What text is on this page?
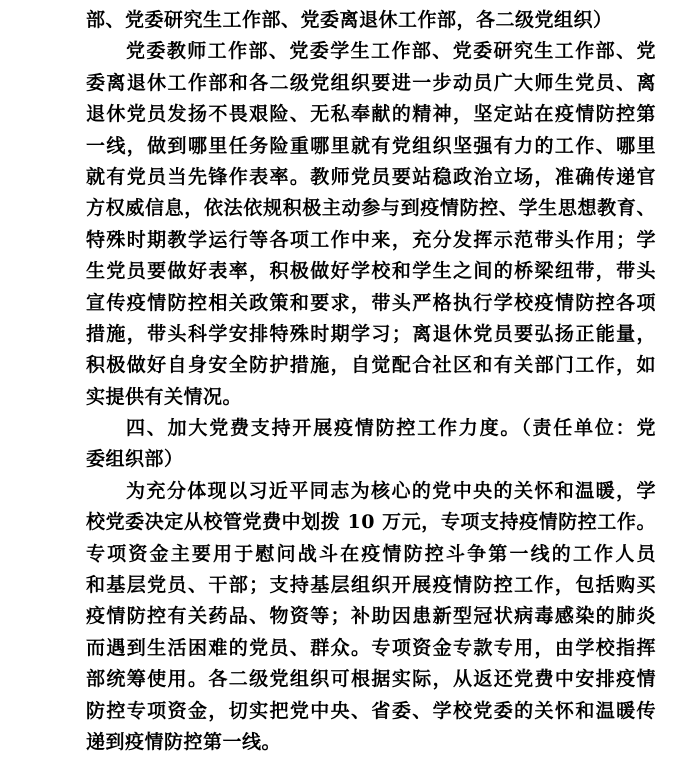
部、党委研究生工作部、党委离退休工作部，各二级党组织）
党委教师工作部、党委学生工作部、党委研究生工作部、党
委离退休工作部和各二级党组织要进一步动员广大师生党员、离
退休党员发扬不畏艰险、无私奉献的精神，坚定站在疫情防控第
一线，做到哪里任务险重哪里就有党组织坚强有力的工作、哪里
就有党员当先锋作表率。教师党员要站稳政治立场，准确传递官
方权威信息，依法依规积极主动参与到疫情防控、学生思想教育、
特殊时期教学运行等各项工作中来，充分发挥示范带头作用；学
生党员要做好表率，积极做好学校和学生之间的桥梁纽带，带头
宣传疫情防控相关政策和要求，带头严格执行学校疫情防控各项
措施，带头科学安排特殊时期学习；离退休党员要弘扬正能量，
积极做好自身安全防护措施，自觉配合社区和有关部门工作，如
实提供有关情况。
四、加大党费支持开展疫情防控工作力度。（责任单位：党
委组织部）
为充分体现以习近平同志为核心的党中央的关怀和温暖，学
校党委决定从校管党费中划拨 10 万元，专项支持疫情防控工作。
专项资金主要用于慰问战斗在疫情防控斗争第一线的工作人员
和基层党员、干部；支持基层组织开展疫情防控工作，包括购买
疫情防控有关药品、物资等；补助因患新型冠状病毒感染的肺炎
而遇到生活困难的党员、群众。专项资金专款专用，由学校指挥
部统筹使用。各二级党组织可根据实际，从返还党费中安排疫情
防控专项资金，切实把党中央、省委、学校党委的关怀和温暖传
递到疫情防控第一线。
